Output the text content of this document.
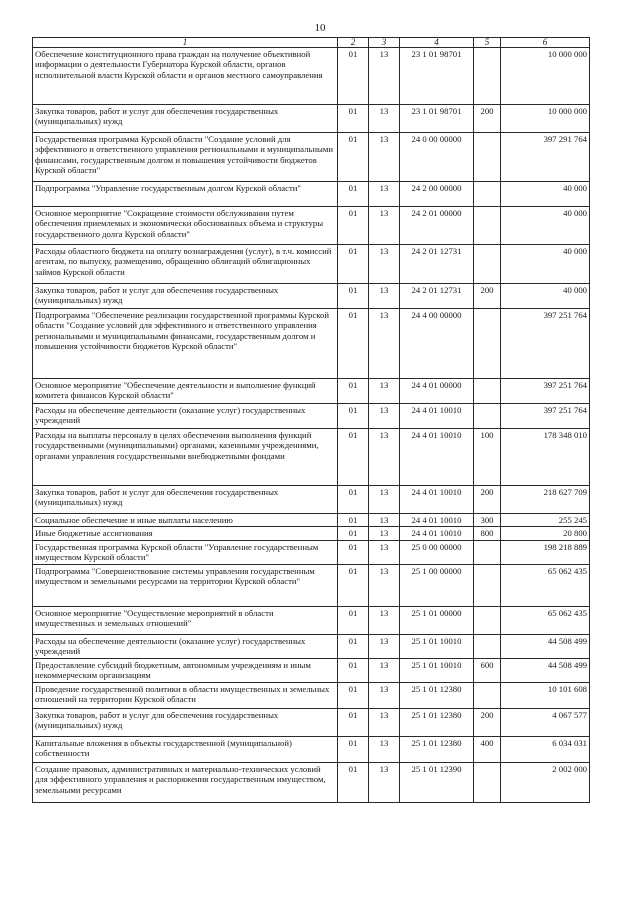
10
1	2	3	4	5	6
Обеспечение конституционного права граждан на получение объективной информации о деятельности Губернатора Курской области, органов исполнительной власти Курской области и органов местного самоуправления	01	13	23 1 01 98701		10 000 000
Закупка товаров, работ и услуг для обеспечения государственных (муниципальных) нужд	01	13	23 1 01 98701	200	10 000 000
Государственная программа Курской области "Создание условий для эффективного и ответственного управления региональными и муниципальными финансами, государственным долгом и повышения устойчивости бюджетов Курской области"	01	13	24 0 00 00000		397 291 764
Подпрограмма "Управление государственным долгом Курской области"	01	13	24 2 00 00000		40 000
Основное мероприятие "Сокращение стоимости обслуживания путем обеспечения приемлемых и экономически обоснованных объема и структуры государственного долга Курской области"	01	13	24 2 01 00000		40 000
Расходы областного бюджета на оплату вознаграждения (услуг), в т.ч. комиссий агентам, по выпуску, размещению, обращению облигаций облигационных займов Курской области	01	13	24 2 01 12731		40 000
Закупка товаров, работ и услуг для обеспечения государственных (муниципальных) нужд	01	13	24 2 01 12731	200	40 000
Подпрограмма "Обеспечение реализации государственной программы Курской области "Создание условий для эффективного и ответственного управления региональными и муниципальными финансами, государственным долгом и повышения устойчивости бюджетов Курской области"	01	13	24 4 00 00000		397 251 764
Основное мероприятие "Обеспечение деятельности и выполнение функций комитета финансов Курской области"	01	13	24 4 01 00000		397 251 764
Расходы на обеспечение деятельности (оказание услуг) государственных учреждений	01	13	24 4 01 10010		397 251 764
Расходы на выплаты персоналу в целях обеспечения выполнения функций государственными (муниципальными) органами, казенными учреждениями, органами управления государственными внебюджетными фондами	01	13	24 4 01 10010	100	178 348 010
Закупка товаров, работ и услуг для обеспечения государственных (муниципальных) нужд	01	13	24 4 01 10010	200	218 627 709
Социальное обеспечение и иные выплаты населению	01	13	24 4 01 10010	300	255 245
Иные бюджетные ассигнования	01	13	24 4 01 10010	800	20 800
Государственная программа Курской области "Управление государственным имуществом Курской области"	01	13	25 0 00 00000		198 218 889
Подпрограмма "Совершенствование системы управления государственным имуществом и земельными ресурсами на территории Курской области"	01	13	25 1 00 00000		65 062 435
Основное мероприятие "Осуществление мероприятий в области имущественных и земельных отношений"	01	13	25 1 01 00000		65 062 435
Расходы на обеспечение деятельности (оказание услуг) государственных учреждений	01	13	25 1 01 10010		44 508 499
Предоставление субсидий бюджетным, автономным учреждениям и иным некоммерческим организациям	01	13	25 1 01 10010	600	44 508 499
Проведение государственной политики в области имущественных и земельных отношений на территории Курской области	01	13	25 1 01 12380		10 101 608
Закупка товаров, работ и услуг для обеспечения государственных (муниципальных) нужд	01	13	25 1 01 12380	200	4 067 577
Капитальные вложения в объекты государственной (муниципальной) собственности	01	13	25 1 01 12380	400	6 034 031
Создание правовых, административных и материально-технических условий для эффективного управления и распоряжения государственным имуществом, земельными ресурсами	01	13	25 1 01 12390		2 002 000
